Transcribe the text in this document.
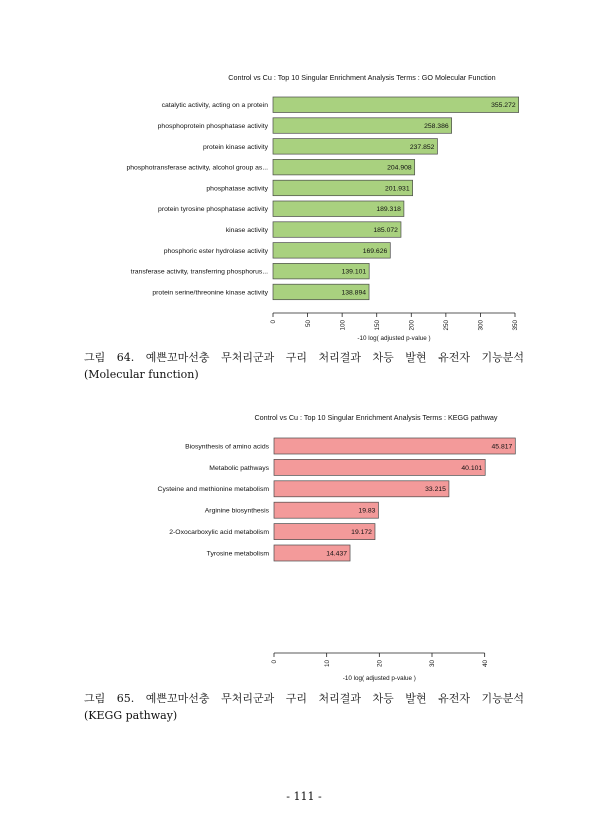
Control vs Cu : Top 10 Singular Enrichment Analysis Terms : GO Molecular Function
355.272
catalytic activity, acting on a protein
258.386
phosphoprotein phosphatase activity
237.852
protein kinase activity
204.908
phosphotransferase activity, alcohol group as...
201.931
phosphatase activity
189.318
protein tyrosine phosphatase activity
185.072
kinase activity
169.626
phosphoric ester hydrolase activity
139.101
transferase activity, transferring phosphorus...
138.894
protein serine/threonine kinase activity
0	50	100	150	200	250	300	350
-10 log( adjusted p-value )
그림 64. 예쁜꼬마선충 무처리군과 구리 처리결과 차등 발현 유전자 기능분석

(Molecular function)
Control vs Cu : Top 10 Singular Enrichment Analysis Terms : KEGG pathway
45.817
Biosynthesis of amino acids
40.101
Metabolic pathways
33.215
Cysteine and methionine metabolism
19.83
Arginine biosynthesis
19.172
2-Oxocarboxylic acid metabolism
14.437
Tyrosine metabolism
0	10	20	30	40
-10 log( adjusted p-value )
그림 65. 예쁜꼬마선충 무처리군과 구리 처리결과 차등 발현 유전자 기능분석

(KEGG pathway)
- 111 -
